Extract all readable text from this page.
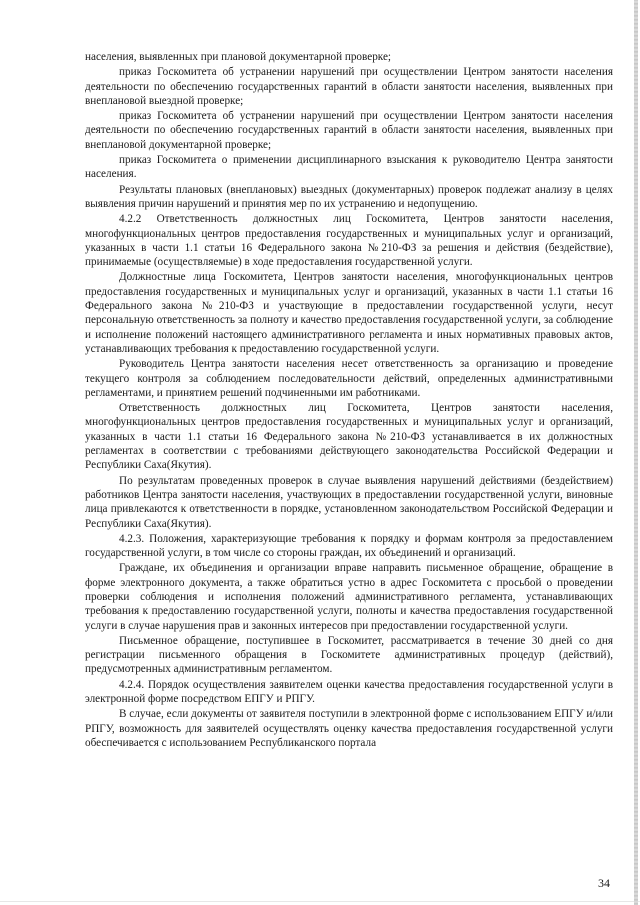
населения, выявленных при плановой документарной проверке;

приказ Госкомитета об устранении нарушений при осуществлении Центром занятости населения деятельности по обеспечению государственных гарантий в области занятости населения, выявленных при внеплановой выездной проверке;

приказ Госкомитета об устранении нарушений при осуществлении Центром занятости населения деятельности по обеспечению государственных гарантий в области занятости населения, выявленных при внеплановой документарной проверке;

приказ Госкомитета о применении дисциплинарного взыскания к руководителю Центра занятости населения.

Результаты плановых (внеплановых) выездных (документарных) проверок подлежат анализу в целях выявления причин нарушений и принятия мер по их устранению и недопущению.

4.2.2 Ответственность должностных лиц Госкомитета, Центров занятости населения, многофункциональных центров предоставления государственных и муниципальных услуг и организаций, указанных в части 1.1 статьи 16 Федерального закона №210-ФЗ за решения и действия (бездействие), принимаемые (осуществляемые) в ходе предоставления государственной услуги.

Должностные лица Госкомитета, Центров занятости населения, многофункциональных центров предоставления государственных и муниципальных услуг и организаций, указанных в части 1.1 статьи 16 Федерального закона №210-ФЗ и участвующие в предоставлении государственной услуги, несут персональную ответственность за полноту и качество предоставления государственной услуги, за соблюдение и исполнение положений настоящего административного регламента и иных нормативных правовых актов, устанавливающих требования к предоставлению государственной услуги.

Руководитель Центра занятости населения несет ответственность за организацию и проведение текущего контроля за соблюдением последовательности действий, определенных административными регламентами, и принятием решений подчиненными им работниками.

Ответственность должностных лиц Госкомитета, Центров занятости населения, многофункциональных центров предоставления государственных и муниципальных услуг и организаций, указанных в части 1.1 статьи 16 Федерального закона №210-ФЗ устанавливается в их должностных регламентах в соответствии с требованиями действующего законодательства Российской Федерации и Республики Саха(Якутия).

По результатам проведенных проверок в случае выявления нарушений действиями (бездействием) работников Центра занятости населения, участвующих в предоставлении государственной услуги, виновные лица привлекаются к ответственности в порядке, установленном законодательством Российской Федерации и Республики Саха(Якутия).

4.2.3. Положения, характеризующие требования к порядку и формам контроля за предоставлением государственной услуги, в том числе со стороны граждан, их объединений и организаций.

Граждане, их объединения и организации вправе направить письменное обращение, обращение в форме электронного документа, а также обратиться устно в адрес Госкомитета с просьбой о проведении проверки соблюдения и исполнения положений административного регламента, устанавливающих требования к предоставлению государственной услуги, полноты и качества предоставления государственной услуги в случае нарушения прав и законных интересов при предоставлении государственной услуги.

Письменное обращение, поступившее в Госкомитет, рассматривается в течение 30 дней со дня регистрации письменного обращения в Госкомитете административных процедур (действий), предусмотренных административным регламентом.

4.2.4. Порядок осуществления заявителем оценки качества предоставления государственной услуги в электронной форме посредством ЕПГУ и РПГУ.

В случае, если документы от заявителя поступили в электронной форме с использованием ЕПГУ и/или РПГУ, возможность для заявителей осуществлять оценку качества предоставления государственной услуги обеспечивается с использованием Республиканского портала

34
